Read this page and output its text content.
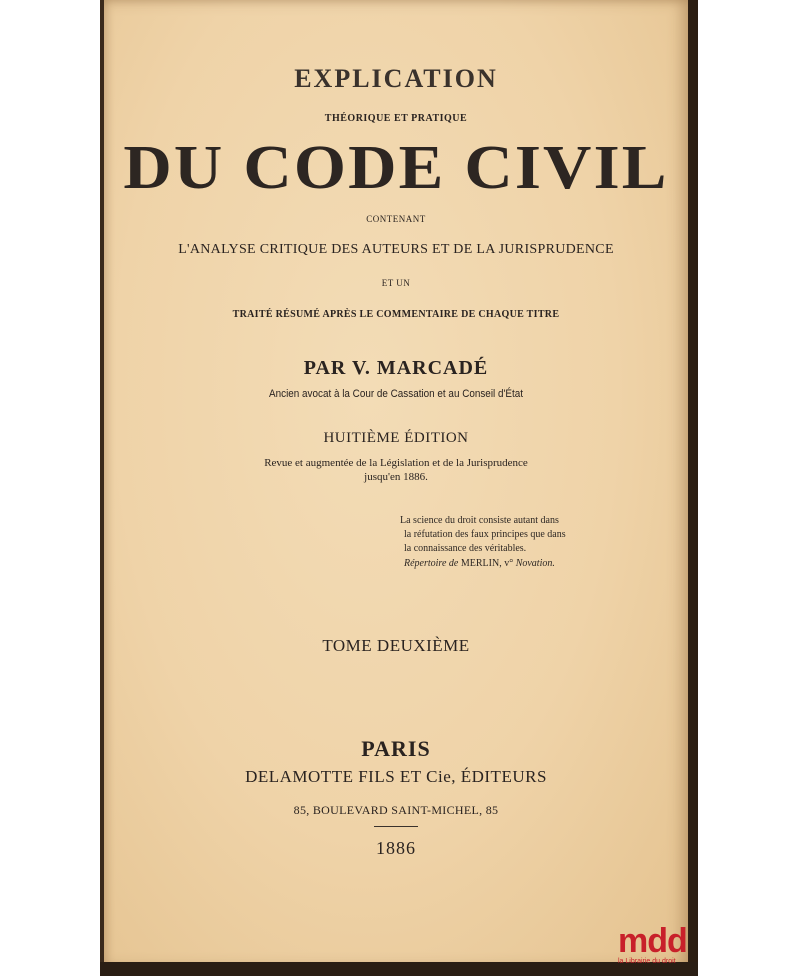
EXPLICATION
THÉORIQUE ET PRATIQUE
DU CODE CIVIL
CONTENANT
L'ANALYSE CRITIQUE DES AUTEURS ET DE LA JURISPRUDENCE
ET UN
TRAITÉ RÉSUMÉ APRÈS LE COMMENTAIRE DE CHAQUE TITRE
PAR V. MARCADÉ
Ancien avocat à la Cour de Cassation et au Conseil d'État
HUITIÈME ÉDITION
Revue et augmentée de la Législation et de la Jurisprudence
jusqu'en 1886.
La science du droit consiste autant dans
la réfutation des faux principes que dans
la connaissance des véritables.
Répertoire de MERLIN, v° Novation.
TOME DEUXIÈME
PARIS
DELAMOTTE FILS ET Cie, ÉDITEURS
85, BOULEVARD SAINT-MICHEL, 85
1886
mdd
la Librairie du droit
